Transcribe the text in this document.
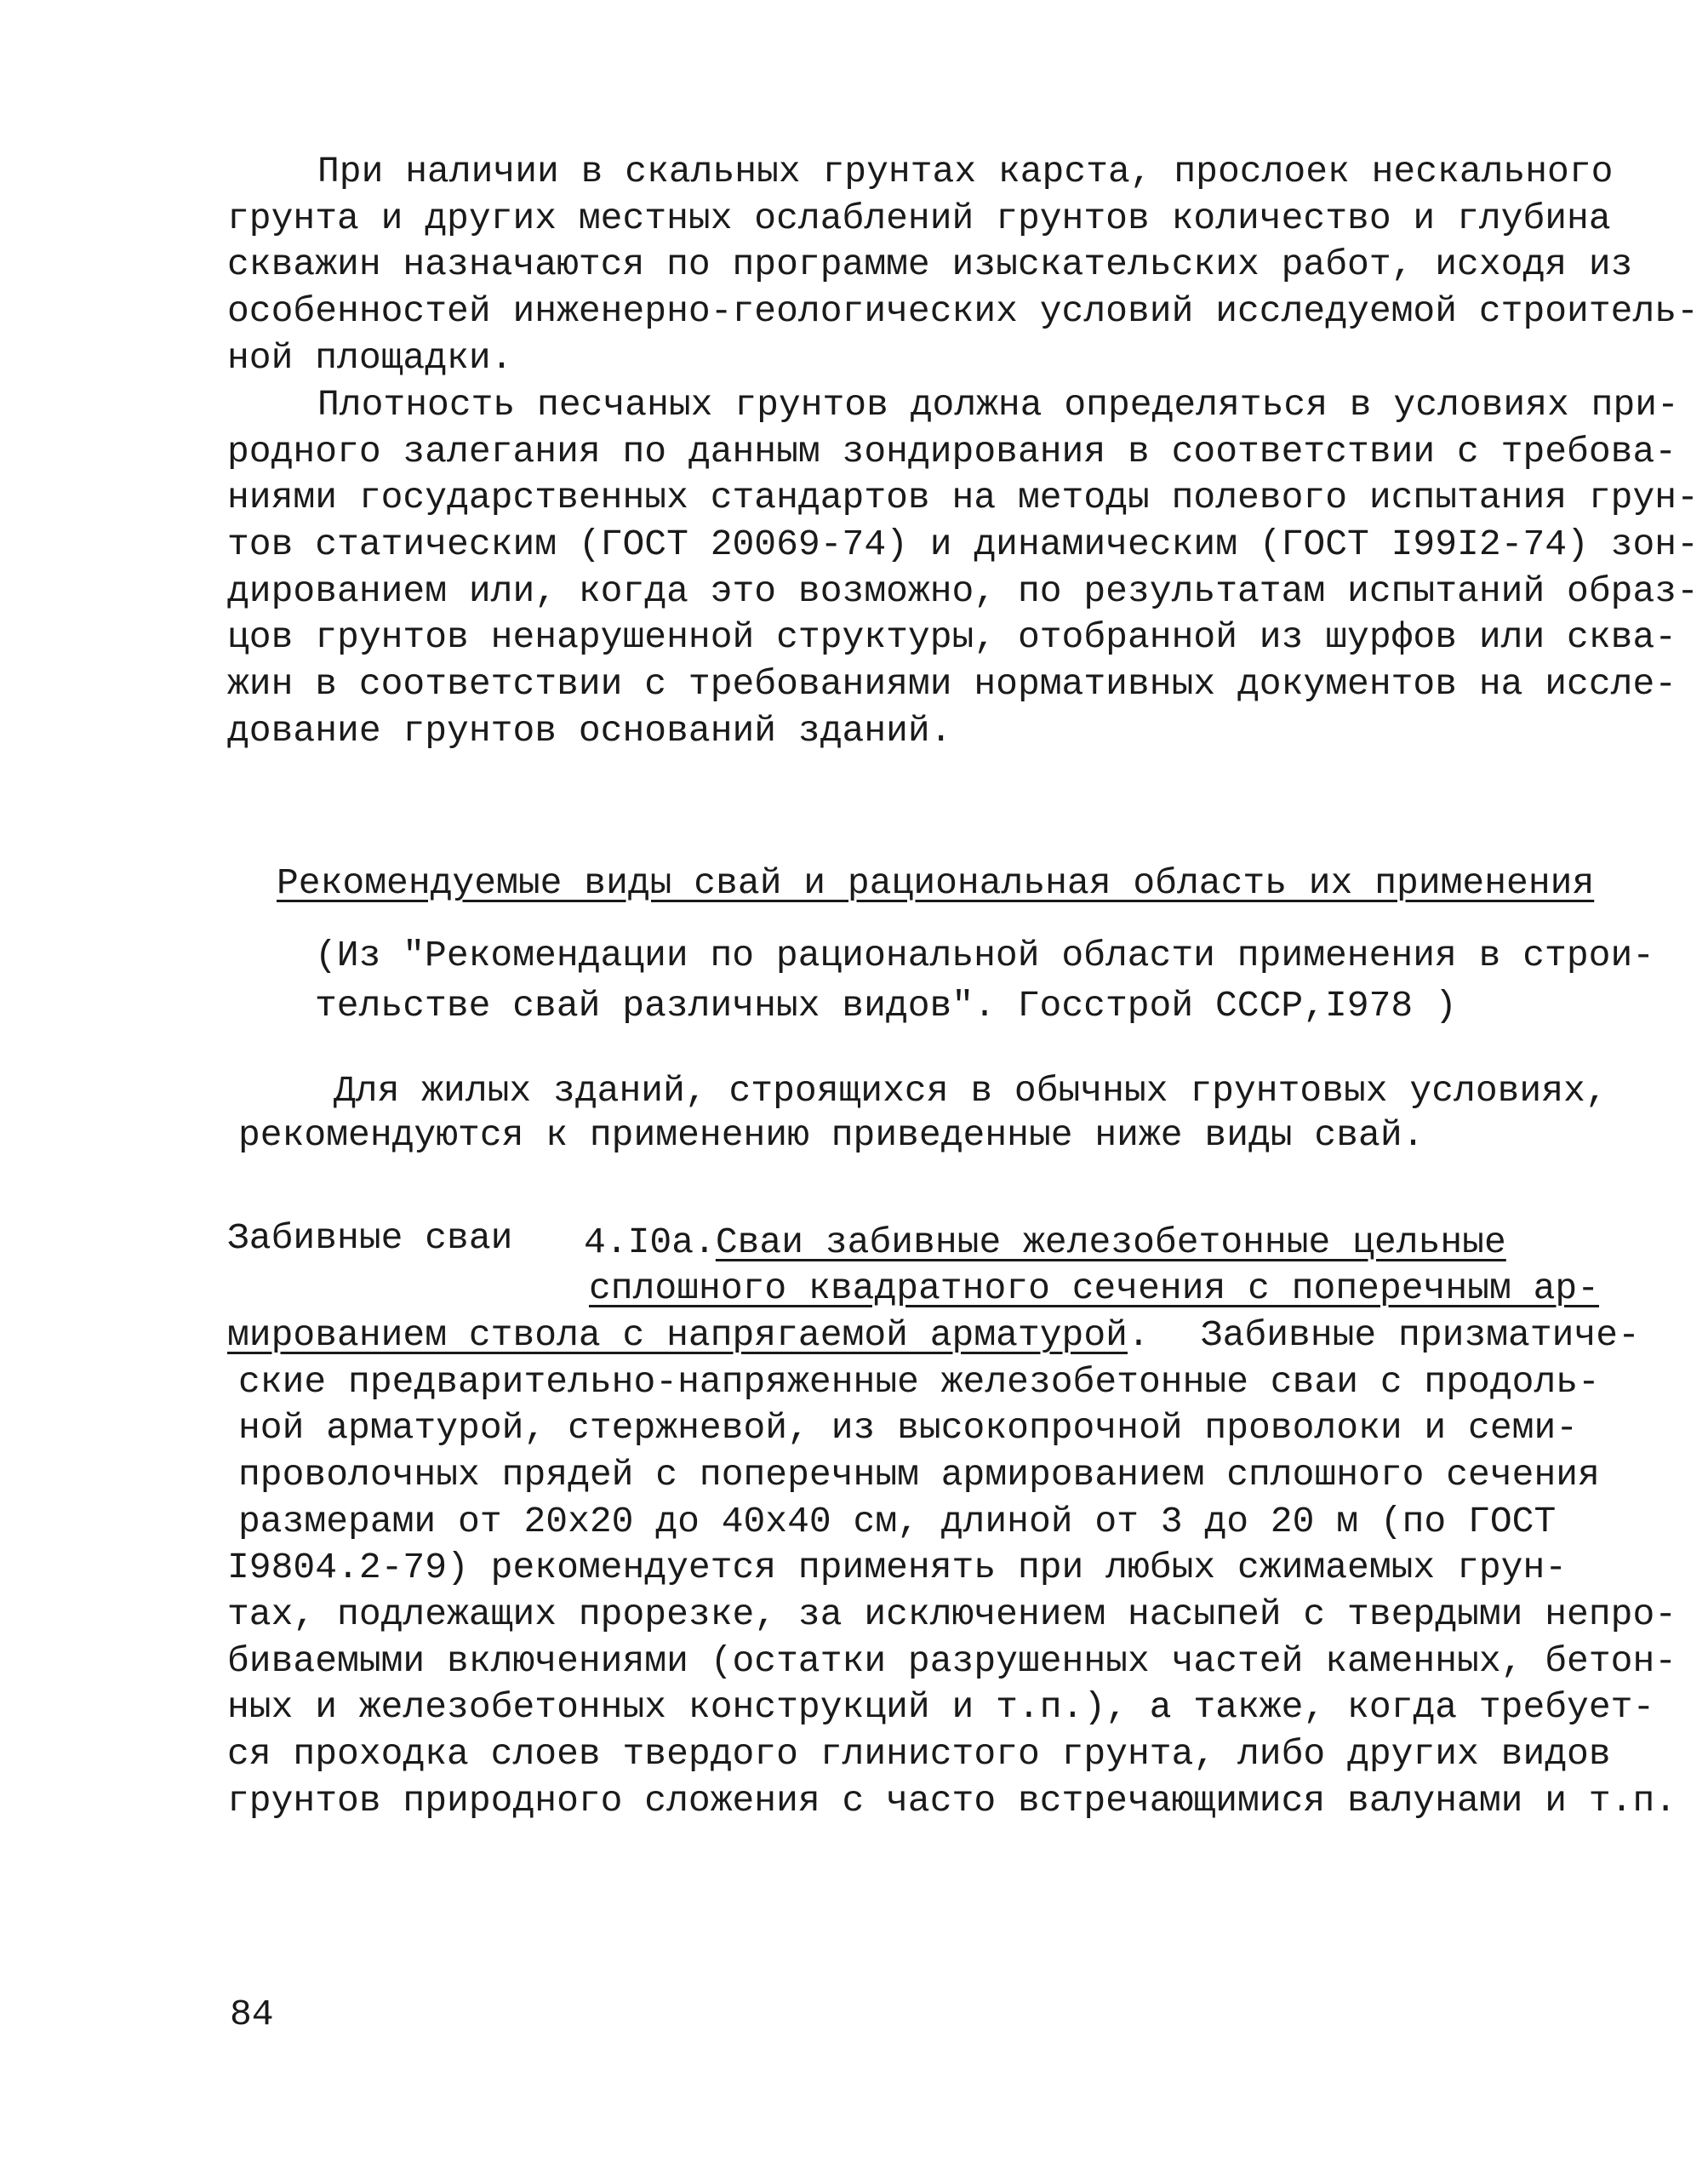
При наличии в скальных грунтах карста, прослоек нескального

грунта и других местных ослаблений грунтов количество и глубина

скважин назначаются по программе изыскательских работ, исходя из

особенностей инженерно-геологических условий исследуемой строитель-

ной площадки.

Плотность песчаных грунтов должна определяться в условиях при-

родного залегания по данным зондирования в соответствии с требова-

ниями государственных стандартов на методы полевого испытания грун-

тов статическим (ГОСТ 20069-74) и динамическим (ГОСТ I99I2-74) зон-

дированием или, когда это возможно, по результатам испытаний образ-

цов грунтов ненарушенной структуры, отобранной из шурфов или сква-

жин в соответствии с требованиями нормативных документов на иссле-

дование грунтов оснований зданий.

Рекомендуемые виды свай и рациональная область их применения

(Из "Рекомендации по рациональной области применения в строи-

тельстве свай различных видов". Госстрой СССР,I978 )

Для жилых зданий, строящихся в обычных грунтовых условиях,

рекомендуются к применению приведенные ниже виды свай.

Забивные сваи 4.I0a.Сваи забивные железобетонные цельные

сплошного квадратного сечения с поперечным ар-

мированием ствола с напрягаемой арматурой. Забивные призматиче-

ские предварительно-напряженные железобетонные сваи с продоль-

ной арматурой, стержневой, из высокопрочной проволоки и семи-

проволочных прядей с поперечным армированием сплошного сечения

размерами от 20х20 до 40х40 см, длиной от 3 до 20 м (по ГОСТ

I9804.2-79) рекомендуется применять при любых сжимаемых грун-

тах, подлежащих прорезке, за исключением насыпей с твердыми непро-

биваемыми включениями (остатки разрушенных частей каменных, бетон-

ных и железобетонных конструкций и т.п.), а также, когда требует-

ся проходка слоев твердого глинистого грунта, либо других видов

грунтов природного сложения с часто встречающимися валунами и т.п.

84
